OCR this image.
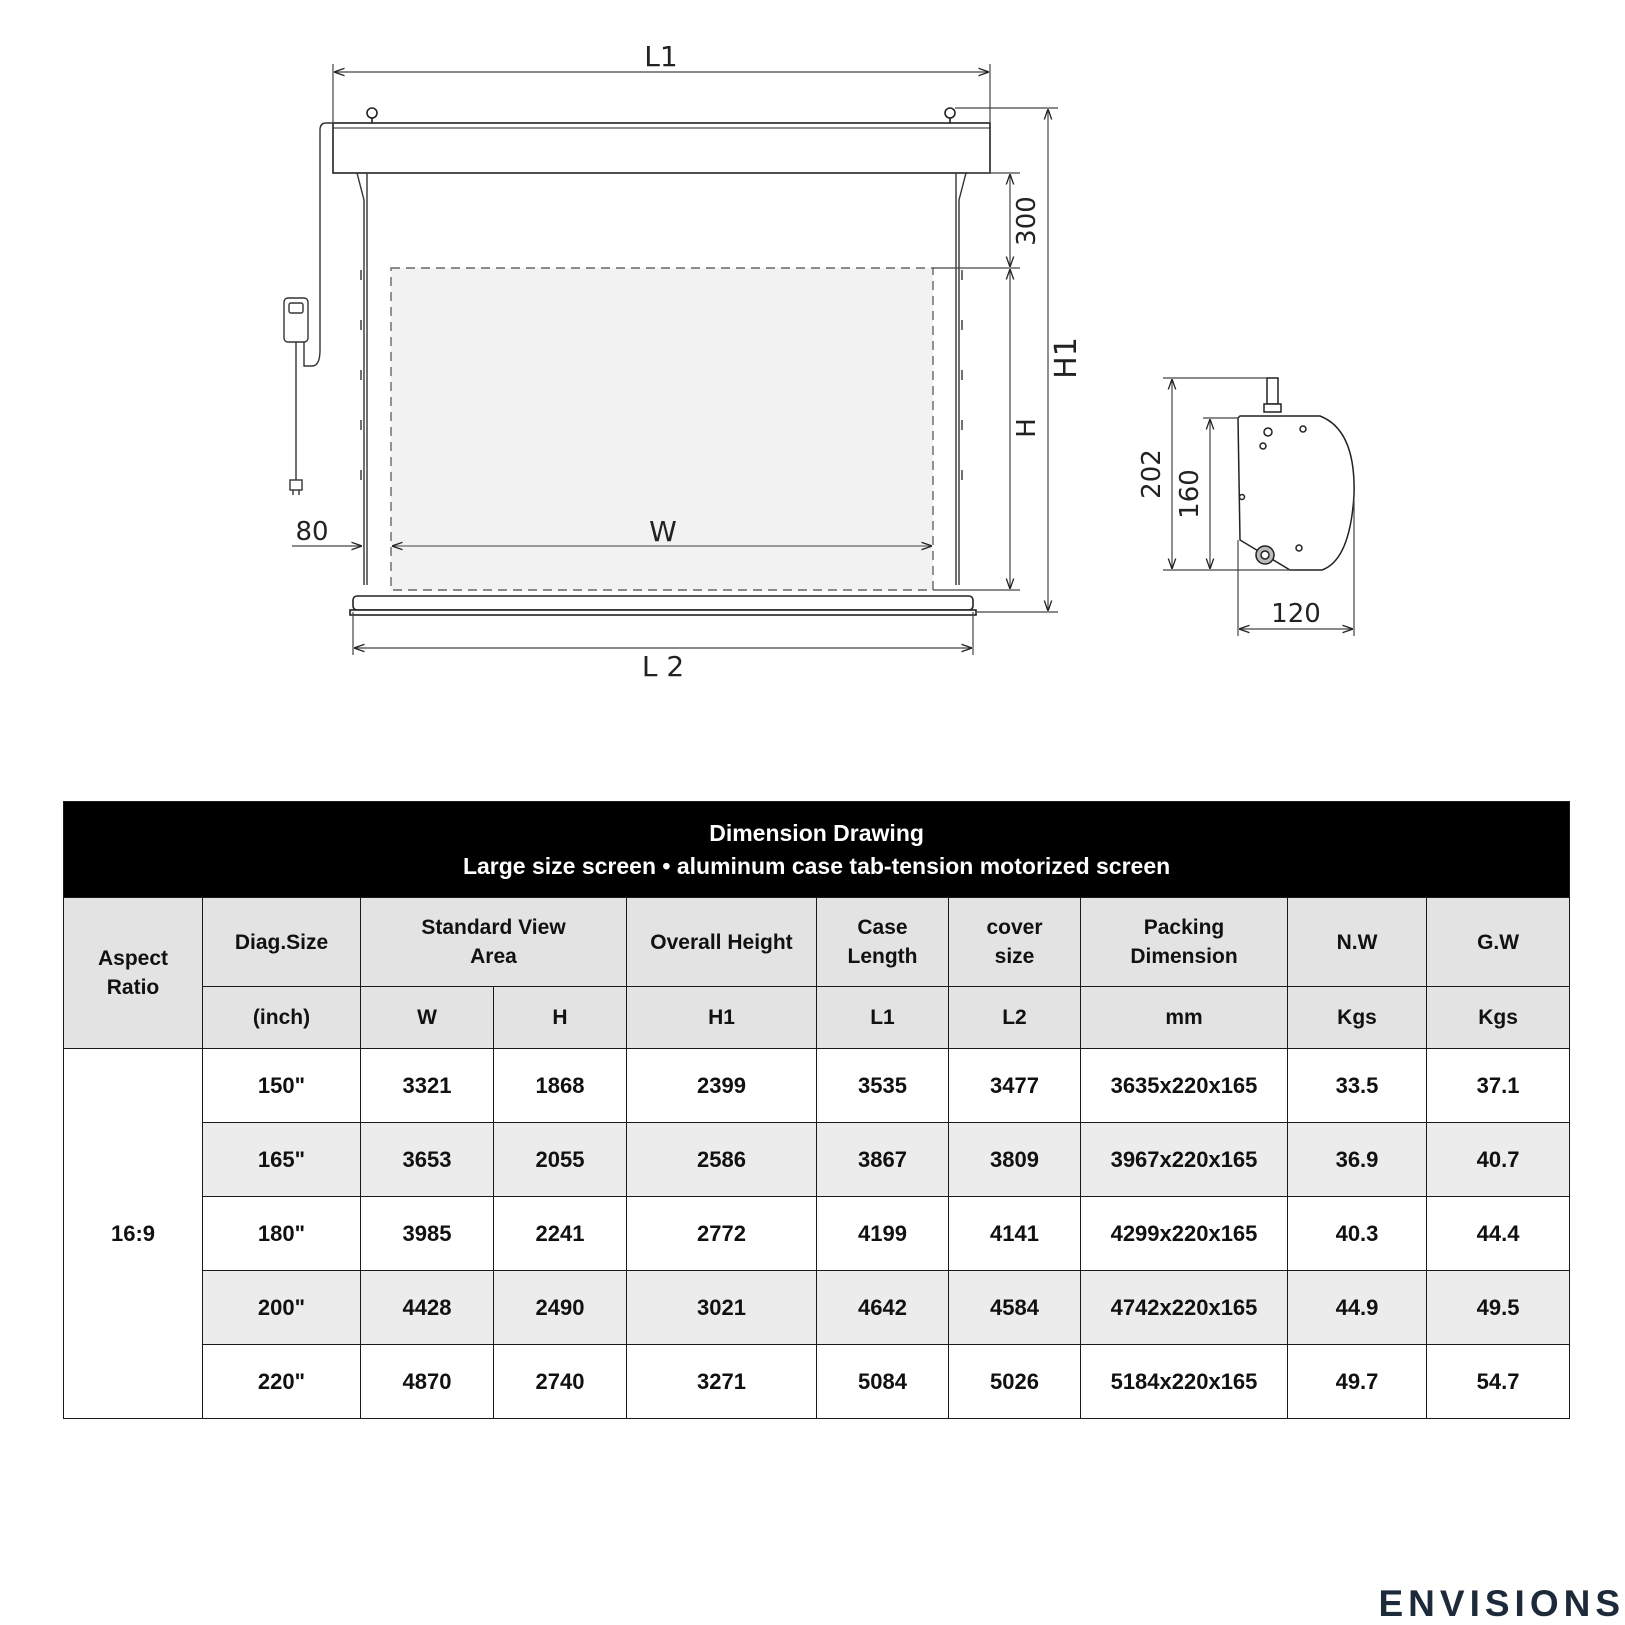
L1
L 2
W
80
300
H
H1
202 160
120
Dimension Drawing
Large size screen • aluminum case tab-tension motorized screen									

Aspect Ratio	Diag.Size	Standard View Area		Overall Height	Case Length	cover size	Packing Dimension	N.W	G.W
	(inch)	W	H	H1	L1	L2	mm	Kgs	Kgs
16:9	150"	3321	1868	2399	3535	3477	3635x220x165	33.5	37.1
	165"	3653	2055	2586	3867	3809	3967x220x165	36.9	40.7
	180"	3985	2241	2772	4199	4141	4299x220x165	40.3	44.4
	200"	4428	2490	3021	4642	4584	4742x220x165	44.9	49.5
	220"	4870	2740	3271	5084	5026	5184x220x165	49.7	54.7
ENVISIONS
